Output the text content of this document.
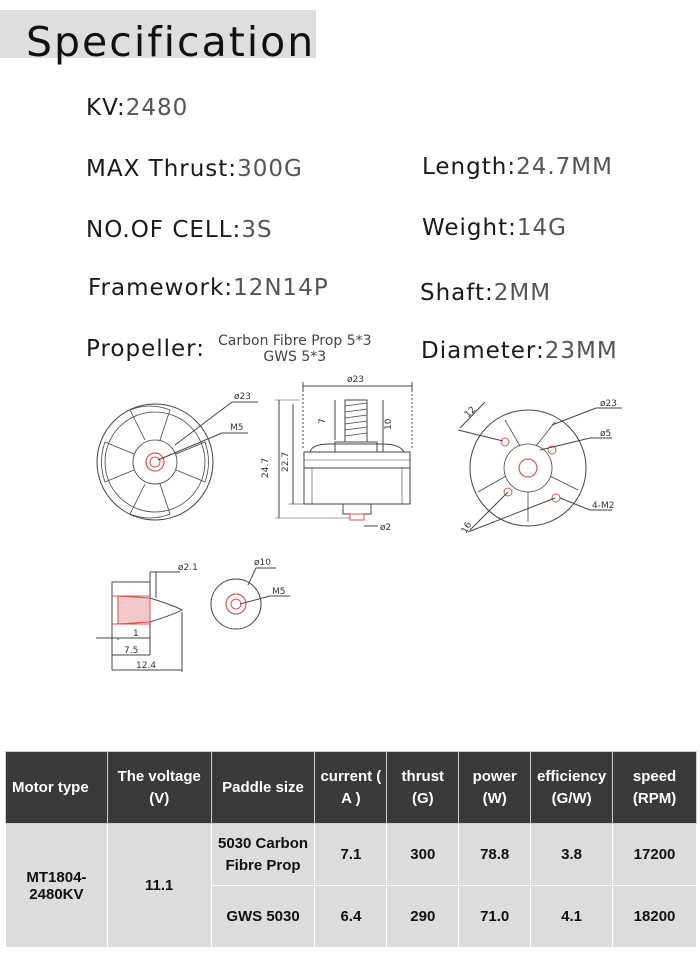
Specification
KV:2480
MAX Thrust:300G	Length:24.7MM
NO.OF CELL:3S	Weight:14G
Framework:12N14P	Shaft:2MM
Propeller: Carbon Fibre Prop 5*3
GWS 5*3	Diameter:23MM
ø23
M5
ø23
7	10
24.7 22.7
ø2
ø23
ø5
4-M2
12
16
ø2.1
1
7.5
12.4
ø10
M5
Motor type	The voltage (V)	Paddle size	current ( A )	thrust (G)	power (W)	efficiency (G/W)	speed (RPM)
MT1804-2480KV	11.1	5030 Carbon Fibre Prop	7.1	300	78.8	3.8	17200
		GWS 5030	6.4	290	71.0	4.1	18200
